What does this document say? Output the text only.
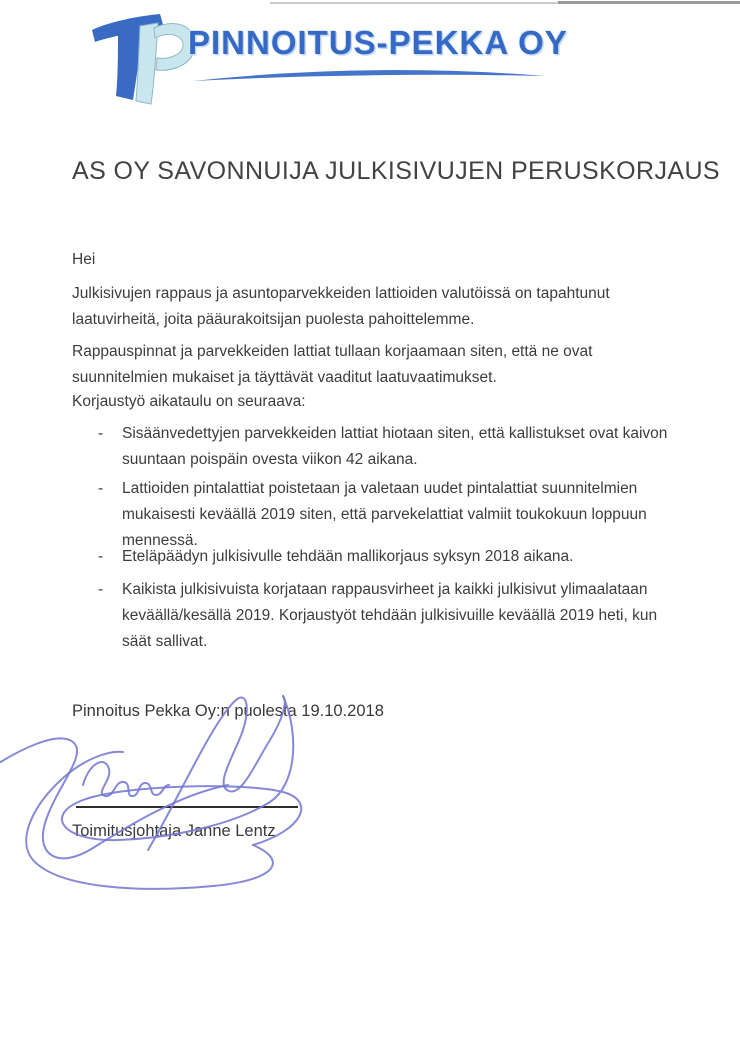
PINNOITUS-PEKKA OY
AS OY SAVONNUIJA JULKISIVUJEN PERUSKORJAUS
Hei
Julkisivujen rappaus ja asuntoparvekkeiden lattioiden valutöissä on tapahtunut laatuvirheitä, joita pääurakoitsijan puolesta pahoittelemme.
Rappauspinnat ja parvekkeiden lattiat tullaan korjaamaan siten, että ne ovat suunnitelmien mukaiset ja täyttävät vaaditut laatuvaatimukset.
Korjaustyö aikataulu on seuraava:
-	Sisäänvedettyjen parvekkeiden lattiat hiotaan siten, että kallistukset ovat kaivon suuntaan poispäin ovesta viikon 42 aikana.
-	Lattioiden pintalattiat poistetaan ja valetaan uudet pintalattiat suunnitelmien mukaisesti keväällä 2019 siten, että parvekelattiat valmiit toukokuun loppuun mennessä.
-	Eteläpäädyn julkisivulle tehdään mallikorjaus syksyn 2018 aikana.
-	Kaikista julkisivuista korjataan rappausvirheet ja kaikki julkisivut ylimaalataan keväällä/kesällä 2019. Korjaustyöt tehdään julkisivuille keväällä 2019 heti, kun säät sallivat.
Pinnoitus Pekka Oy:n puolesta 19.10.2018
Toimitusjohtaja Janne Lentz
